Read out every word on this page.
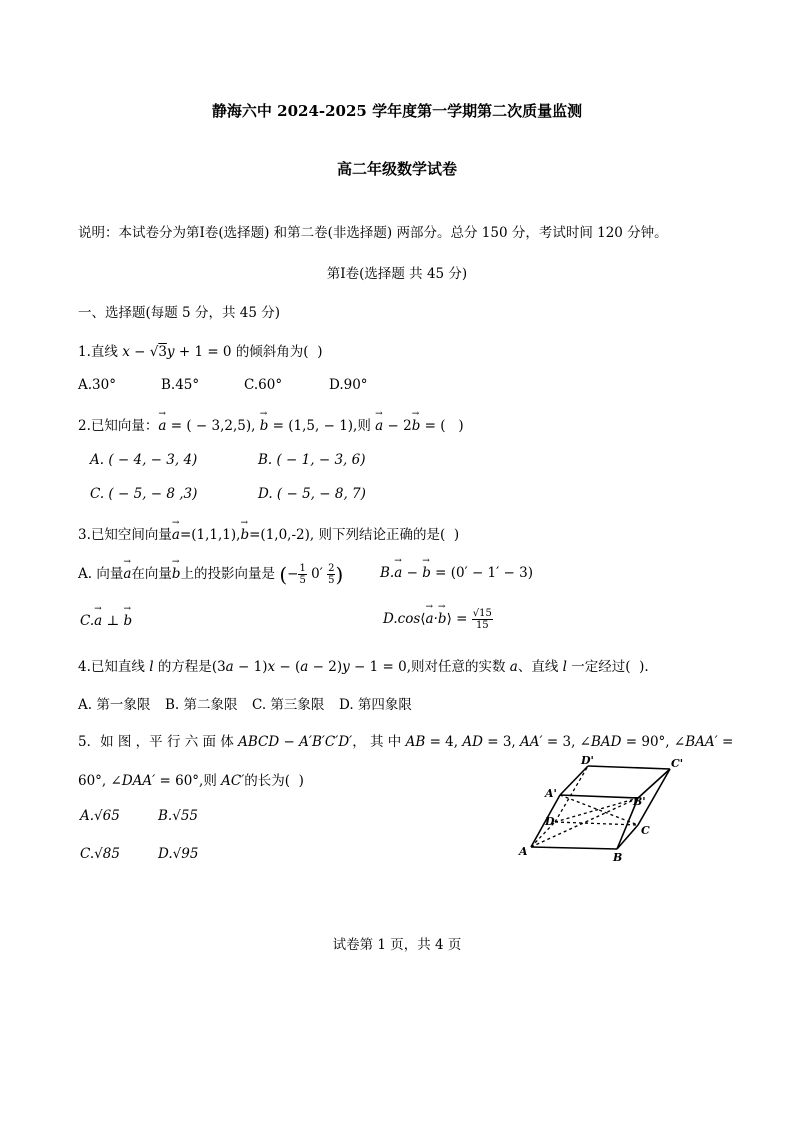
静海六中 2024-2025 学年度第一学期第二次质量监测
高二年级数学试卷
说明：本试卷分为第Ⅰ卷(选择题) 和第二卷(非选择题) 两部分。总分 150 分，考试时间 120 分钟。
第Ⅰ卷(选择题 共 45 分)
一、选择题(每题 5 分，共 45 分)
1.直线 x − √3y + 1 = 0 的倾斜角为( )
A.30°	B.45°	C.60°	D.90°
2.已知向量：→ a = ( − 3,2,5), → b = (1,5, − 1),则 → a − 2→ b = ( )
A. ( − 4, − 3, 4)	B. ( − 1, − 3, 6)
C. ( − 5, − 8 ,3)	D. ( − 5, − 8, 7)
3.已知空间向量→ a=(1,1,1),→ b=(1,0,-2), 则下列结论正确的是( )
A. 向量→ a在向量→ b上的投影向量是 (− $\frac{1}{5} 0' \frac{2}{5}$ )	B.→ a − → b = (0′ − 1′ − 3)
C.→ a ⊥ → b	D.cos⟨→ a·→ b⟩ = $\frac{√15}{15}$
4.已知直线 l 的方程是(3a − 1)x − (a − 2)y − 1 = 0,则对任意的实数 a、直线 l 一定经过( ).
A. 第一象限 B. 第二象限 C. 第三象限 D. 第四象限
5．如 图 ，平 行 六 面 体 ABCD − A′B′C′D′， 其 中 AB = 4, AD = 3, AA′ = 3, ∠BAD = 90°, ∠BAA′ =
60°, ∠DAA′ = 60°,则 AC′的长为( )
A.√65	B.√55
C.√85	D.√95
D'	C'
A'
B'
D
C
A	B
试卷第 1 页，共 4 页
